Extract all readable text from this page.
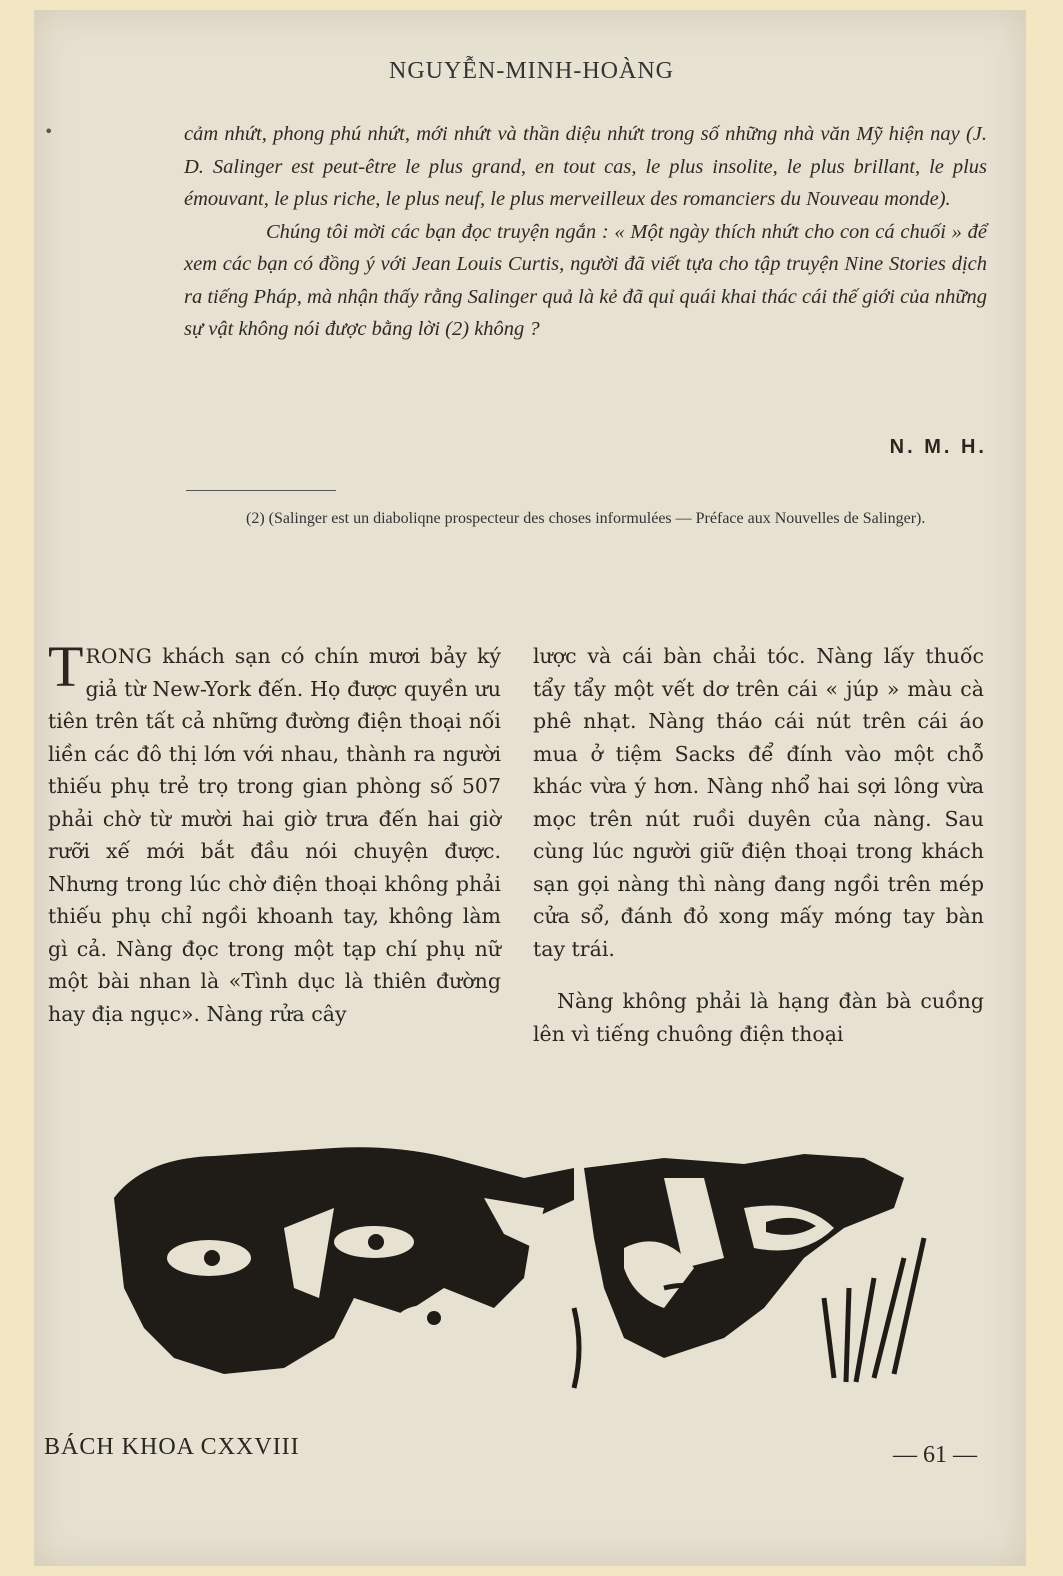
NGUYỄN-MINH-HOÀNG
•	cảm nhứt, phong phú nhứt, mới nhứt và thần diệu nhứt trong số những nhà văn Mỹ hiện nay (J. D. Salinger est peut-être le plus grand, en tout cas, le plus insolite, le plus brillant, le plus émouvant, le plus riche, le plus neuf, le plus merveilleux des romanciers du Nouveau monde).

Chúng tôi mời các bạn đọc truyện ngắn : « Một ngày thích nhứt cho con cá chuối » để xem các bạn có đồng ý với Jean Louis Curtis, người đã viết tựa cho tập truyện Nine Stories dịch ra tiếng Pháp, mà nhận thấy rằng Salinger quả là kẻ đã quỉ quái khai thác cái thế giới của những sự vật không nói được bằng lời (2) không ?

N. M. H.
(2) (Salinger est un diaboliqne prospecteur des choses informulées — Préface aux Nouvelles de Salinger).

TRONG khách sạn có chín mươi bảy ký giả từ New-York đến. Họ được quyền ưu tiên trên tất cả những đường điện thoại nối liền các đô thị lớn với nhau, thành ra người thiếu phụ trẻ trọ trong gian phòng số 507 phải chờ từ mười hai giờ trưa đến hai giờ rưỡi xế mới bắt đầu nói chuyện được. Nhưng trong lúc chờ điện thoại không phải thiếu phụ chỉ ngồi khoanh tay, không làm gì cả. Nàng đọc trong một tạp chí phụ nữ một bài nhan là «Tình dục là thiên đường hay địa ngục». Nàng rửa cây

lược và cái bàn chải tóc. Nàng lấy thuốc tẩy tẩy một vết dơ trên cái « júp » màu cà phê nhạt. Nàng tháo cái nút trên cái áo mua ở tiệm Sacks để đính vào một chỗ khác vừa ý hơn. Nàng nhổ hai sợi lông vừa mọc trên nút ruồi duyên của nàng. Sau cùng lúc người giữ điện thoại trong khách sạn gọi nàng thì nàng đang ngồi trên mép cửa sổ, đánh đỏ xong mấy móng tay bàn tay trái.

Nàng không phải là hạng đàn bà cuồng lên vì tiếng chuông điện thoại

BÁCH KHOA CXXVIII	— 61 —
